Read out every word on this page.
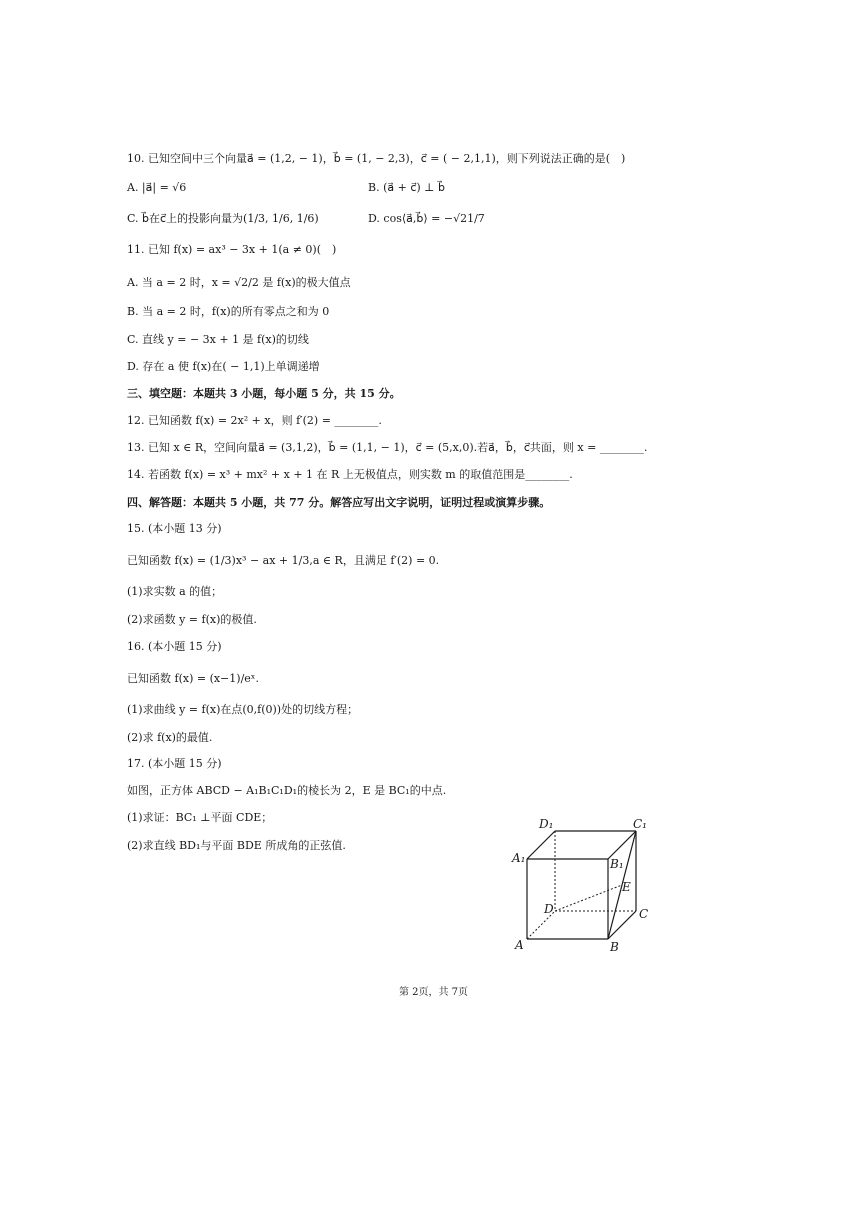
10. 已知空间中三个向量a⃗ = (1,2, − 1)，b⃗ = (1, − 2,3)，c⃗ = ( − 2,1,1)，则下列说法正确的是(　)
A. |a⃗| = √6	B. (a⃗ + c⃗) ⊥ b⃗
C. b⃗在c⃗上的投影向量为(1/3, 1/6, 1/6)	D. cos⟨a⃗,b⃗⟩ = −√21/7
11. 已知 f(x) = ax³ − 3x + 1(a ≠ 0)(　)
A. 当 a = 2 时，x = √2/2 是 f(x)的极大值点
B. 当 a = 2 时，f(x)的所有零点之和为 0
C. 直线 y = − 3x + 1 是 f(x)的切线
D. 存在 a 使 f(x)在( − 1,1)上单调递增
三、填空题：本题共 3 小题，每小题 5 分，共 15 分。
12. 已知函数 f(x) = 2x² + x，则 f′(2) = ________.
13. 已知 x ∈ R，空间向量a⃗ = (3,1,2)，b⃗ = (1,1, − 1)，c⃗ = (5,x,0).若a⃗，b⃗，c⃗共面，则 x = ________.
14. 若函数 f(x) = x³ + mx² + x + 1 在 R 上无极值点，则实数 m 的取值范围是________.
四、解答题：本题共 5 小题，共 77 分。解答应写出文字说明，证明过程或演算步骤。
15. (本小题 13 分)
已知函数 f(x) = (1/3)x³ − ax + 1/3,a ∈ R，且满足 f′(2) = 0.
(1)求实数 a 的值；
(2)求函数 y = f(x)的极值.
16. (本小题 15 分)
已知函数 f(x) = (x−1)/eˣ.
(1)求曲线 y = f(x)在点(0,f(0))处的切线方程；
(2)求 f(x)的最值.
17. (本小题 15 分)
如图，正方体 ABCD − A₁B₁C₁D₁的棱长为 2，E 是 BC₁的中点.
(1)求证：BC₁ ⊥平面 CDE；
(2)求直线 BD₁与平面 BDE 所成角的正弦值.
A	B
C
D
A₁	B₁
C₁
D₁
E
第 2页，共 7页
